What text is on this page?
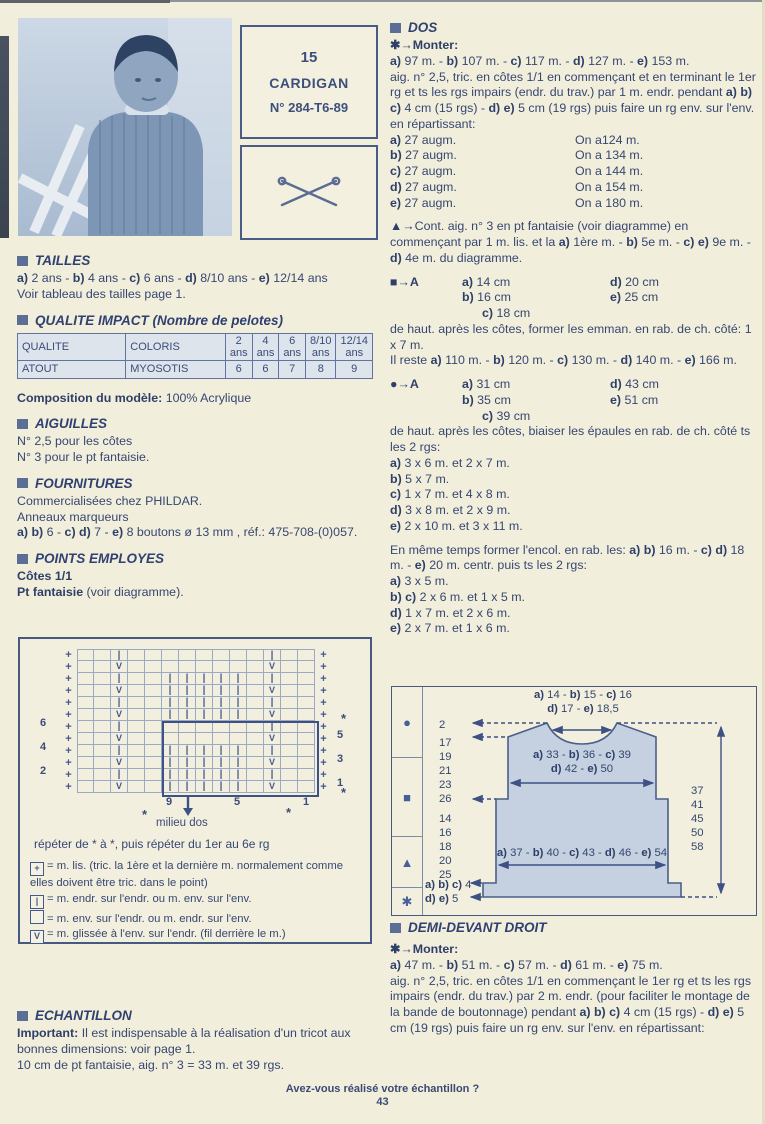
15
CARDIGAN
N° 284-T6-89
TAILLES
a) 2 ans - b) 4 ans - c) 6 ans - d) 8/10 ans - e) 12/14 ans
Voir tableau des tailles page 1.
QUALITE IMPACT (Nombre de pelotes)
QUALITE	COLORIS	2 ans	4 ans	6 ans	8/10 ans	12/14 ans
ATOUT	MYOSOTIS	6	6	7	8	9
Composition du modèle: 100% Acrylique
AIGUILLES
N° 2,5 pour les côtes
N° 3 pour le pt fantaisie.
FOURNITURES
Commercialisées chez PHILDAR.
Anneaux marqueurs
a) b) 6 - c) d) 7 - e) 8 boutons ø 13 mm , réf.: 475-708-(0)057.
POINTS EMPLOYES
Côtes 1/1
Pt fantaisie (voir diagramme).
+	|	|	+
+	V	V	+
+	|	|	|	|	|	|	|	+
+	V	|	|	|	|	|	V	+
+	|	|	|	|	|	|	|	+
+	V	|	|	|	|	|	V	+
+	|	|	+
+	V	V	+
+	|	|	|	|	|	|	|	+
+	V	|	|	|	|	|	V	+
+	|	|	|	|	|	|	|	+
+	V	|	|	|	|	|	V	+
6
4
2
5
3
1
9	5	1
*
*
*	*
milieu dos
répéter de * à *, puis répéter du 1er au 6e rg
+ = m. lis. (tric. la 1ère et la dernière m. normalement comme elles doivent être tric. dans le point)
| = m. endr. sur l'endr. ou m. env. sur l'env.
= m. env. sur l'endr. ou m. endr. sur l'env.
V = m. glissée à l'env. sur l'endr. (fil derrière le m.)
ECHANTILLON
Important: Il est indispensable à la réalisation d'un tricot aux bonnes dimensions: voir page 1.
10 cm de pt fantaisie, aig. n° 3 = 33 m. et 39 rgs.
DOS
✱→Monter:
a) 97 m. - b) 107 m. - c) 117 m. - d) 127 m. - e) 153 m.
aig. n° 2,5, tric. en côtes 1/1 en commençant et en terminant le 1er rg et ts les rgs impairs (endr. du trav.) par 1 m. endr. pendant a) b) c) 4 cm (15 rgs) - d) e) 5 cm (19 rgs) puis faire un rg env. sur l'env. en répartissant:
a) 27 augm.	On a124 m.
b) 27 augm.	On a 134 m.
c) 27 augm.	On a 144 m.
d) 27 augm.	On a 154 m.
e) 27 augm.	On a 180 m.
▲→Cont. aig. n° 3 en pt fantaisie (voir diagramme) en commençant par 1 m. lis. et la a) 1ère m. - b) 5e m. - c) e) 9e m. - d) 4e m. du diagramme.
■→A	a) 14 cm	d) 20 cm
b) 16 cm	e) 25 cm
c) 18 cm
de haut. après les côtes, former les emman. en rab. de ch. côté: 1 x 7 m.
Il reste a) 110 m. - b) 120 m. - c) 130 m. - d) 140 m. - e) 166 m.
●→A	a) 31 cm	d) 43 cm
b) 35 cm	e) 51 cm
c) 39 cm
de haut. après les côtes, biaiser les épaules en rab. de ch. côté ts les 2 rgs:
a) 3 x 6 m. et 2 x 7 m.
b) 5 x 7 m.
c) 1 x 7 m. et 4 x 8 m.
d) 3 x 8 m. et 2 x 9 m.
e) 2 x 10 m. et 3 x 11 m.
En même temps former l'encol. en rab. les: a) b) 16 m. - c) d) 18 m. - e) 20 m. centr. puis ts les 2 rgs:
a) 3 x 5 m.
b) c) 2 x 6 m. et 1 x 5 m.
d) 1 x 7 m. et 2 x 6 m.
e) 2 x 7 m. et 1 x 6 m.
●
■
▲
✱
a) 14 - b) 15 - c) 16
d) 17 - e) 18,5
a) 33 - b) 36 - c) 39
d) 42 - e) 50
a) 37 - b) 40 - c) 43 - d) 46 - e) 54
2
17
19
21
23
26
14
16
18
20
25
a) b) c) 4
d) e) 5
37
41
45
50
58
DEMI-DEVANT DROIT
✱→Monter:
a) 47 m. - b) 51 m. - c) 57 m. - d) 61 m. - e) 75 m.
aig. n° 2,5, tric. en côtes 1/1 en commençant le 1er rg et ts les rgs impairs (endr. du trav.) par 2 m. endr. (pour faciliter le montage de la bande de boutonnage) pendant a) b) c) 4 cm (15 rgs) - d) e) 5 cm (19 rgs) puis faire un rg env. sur l'env. en répartissant:
Avez-vous réalisé votre échantillon ?
43
